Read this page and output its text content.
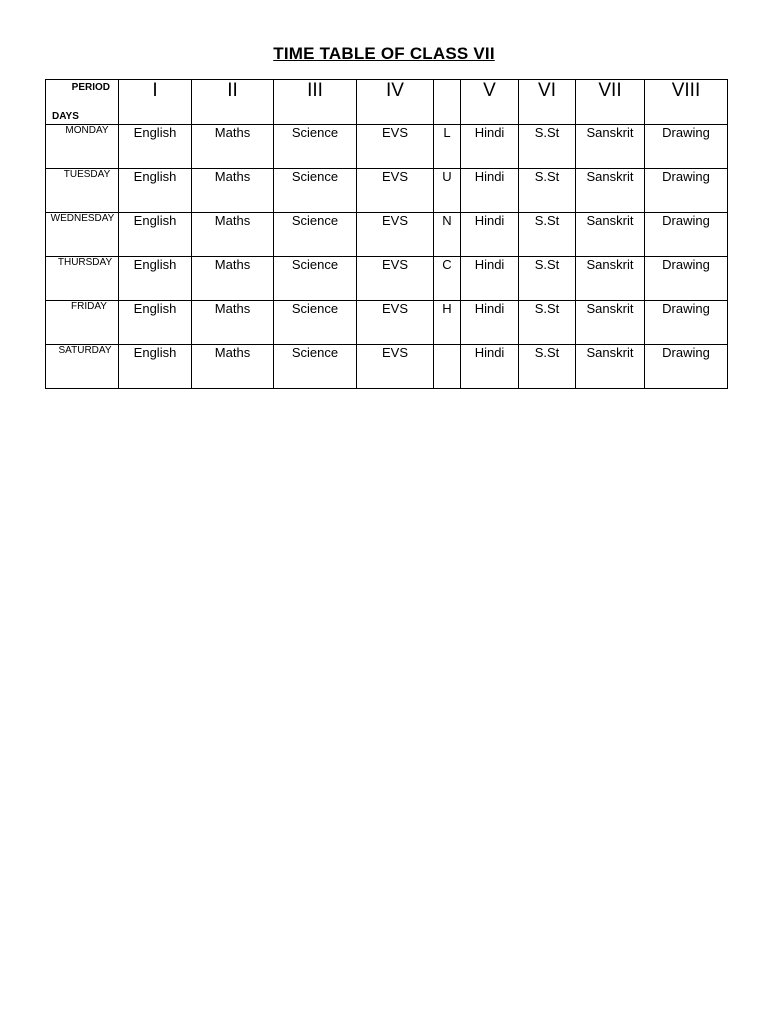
TIME TABLE OF CLASS VII
PERIOD
DAYS	I	II	III	IV		V	VI	VII	VIII
MONDAY	English	Maths	Science	EVS	L	Hindi	S.St	Sanskrit	Drawing
TUESDAY	English	Maths	Science	EVS	U	Hindi	S.St	Sanskrit	Drawing
WEDNESDAY	English	Maths	Science	EVS	N	Hindi	S.St	Sanskrit	Drawing
THURSDAY	English	Maths	Science	EVS	C	Hindi	S.St	Sanskrit	Drawing
FRIDAY	English	Maths	Science	EVS	H	Hindi	S.St	Sanskrit	Drawing
SATURDAY	English	Maths	Science	EVS		Hindi	S.St	Sanskrit	Drawing
